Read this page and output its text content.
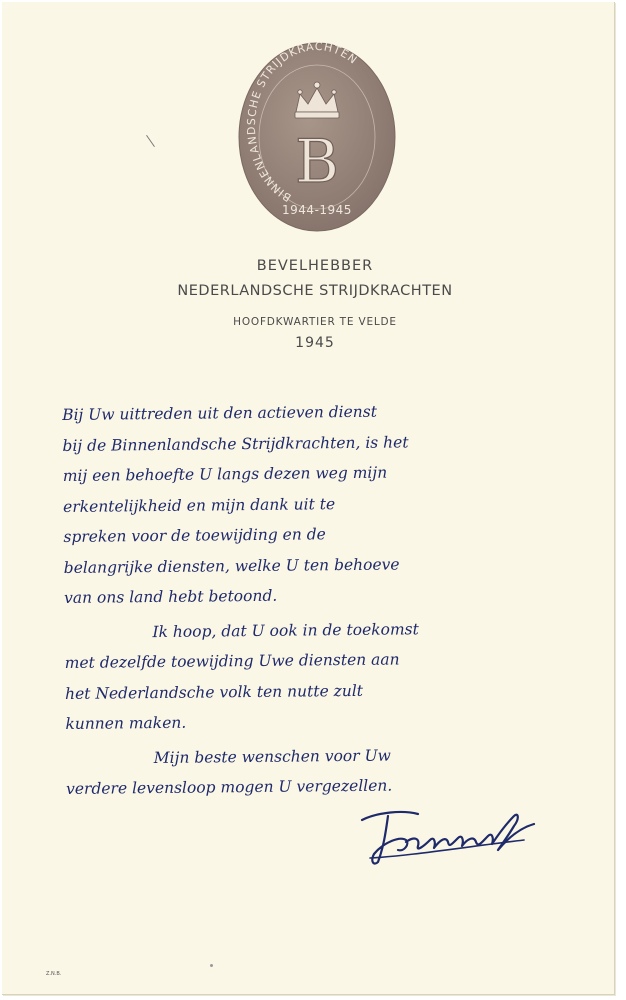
BINNENLANDSCHE STRIJDKRACHTEN
B
1944-1945
BEVELHEBBER
NEDERLANDSCHE STRIJDKRACHTEN
HOOFDKWARTIER TE VELDE
1945
Bij Uw uittreden uit den actieven dienst
bij de Binnenlandsche Strijdkrachten, is het
mij een behoefte U langs dezen weg mijn
erkentelijkheid en mijn dank uit te
spreken voor de toewijding en de
belangrijke diensten, welke U ten behoeve
van ons land hebt betoond.
Ik hoop, dat U ook in de toekomst
met dezelfde toewijding Uwe diensten aan
het Nederlandsche volk ten nutte zult
kunnen maken.
Mijn beste wenschen voor Uw
verdere levensloop mogen U vergezellen.
Z.N.B.
